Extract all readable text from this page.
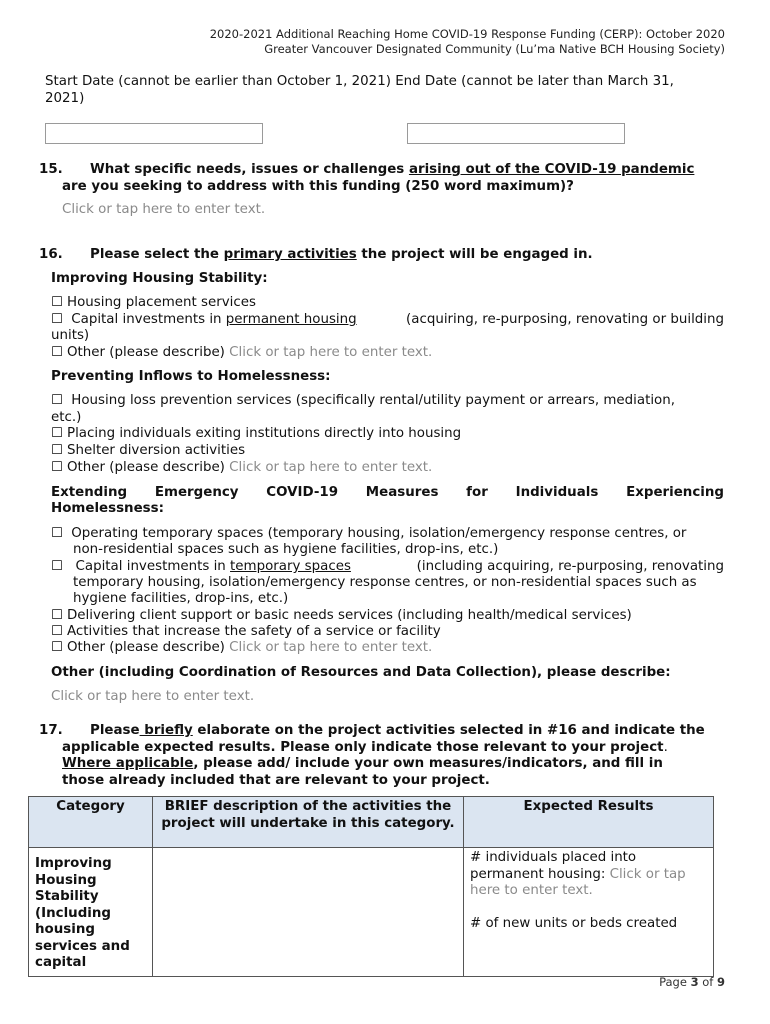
2020-2021 Additional Reaching Home COVID-19 Response Funding (CERP): October 2020
Greater Vancouver Designated Community (Lu’ma Native BCH Housing Society)
Start Date (cannot be earlier than October 1, 2021) End Date (cannot be later than March 31, 2021)
15. What specific needs, issues or challenges arising out of the COVID-19 pandemic
are you seeking to address with this funding (250 word maximum)?
Click or tap here to enter text.
16. Please select the primary activities the project will be engaged in.
Improving Housing Stability:
☐ Housing placement services
☐ Capital investments in permanent housing	(acquiring, re-purposing, renovating or building
units)
☐ Other (please describe) Click or tap here to enter text.
Preventing Inflows to Homelessness:
☐ Housing loss prevention services (specifically rental/utility payment or arrears, mediation,
etc.)
☐ Placing individuals exiting institutions directly into housing
☐ Shelter diversion activities
☐ Other (please describe) Click or tap here to enter text.
Extending Emergency COVID-19 Measures for Individuals Experiencing
Homelessness:
☐ Operating temporary spaces (temporary housing, isolation/emergency response centres, or
non-residential spaces such as hygiene facilities, drop-ins, etc.)
☐ Capital investments in temporary spaces	(including acquiring, re-purposing, renovating
temporary housing, isolation/emergency response centres, or non-residential spaces such as
hygiene facilities, drop-ins, etc.)
☐ Delivering client support or basic needs services (including health/medical services)
☐ Activities that increase the safety of a service or facility
☐ Other (please describe) Click or tap here to enter text.
Other (including Coordination of Resources and Data Collection), please describe:
Click or tap here to enter text.
17. Please briefly elaborate on the project activities selected in #16 and indicate the
applicable expected results. Please only indicate those relevant to your project.
Where applicable, please add/ include your own measures/indicators, and fill in
those already included that are relevant to your project.
Category	BRIEF description of the activities the project will undertake in this category.	Expected Results
Improving Housing Stability (Including housing services and capital		# individuals placed into permanent housing: Click or tap here to enter text.
# of new units or beds created
Page 3 of 9
